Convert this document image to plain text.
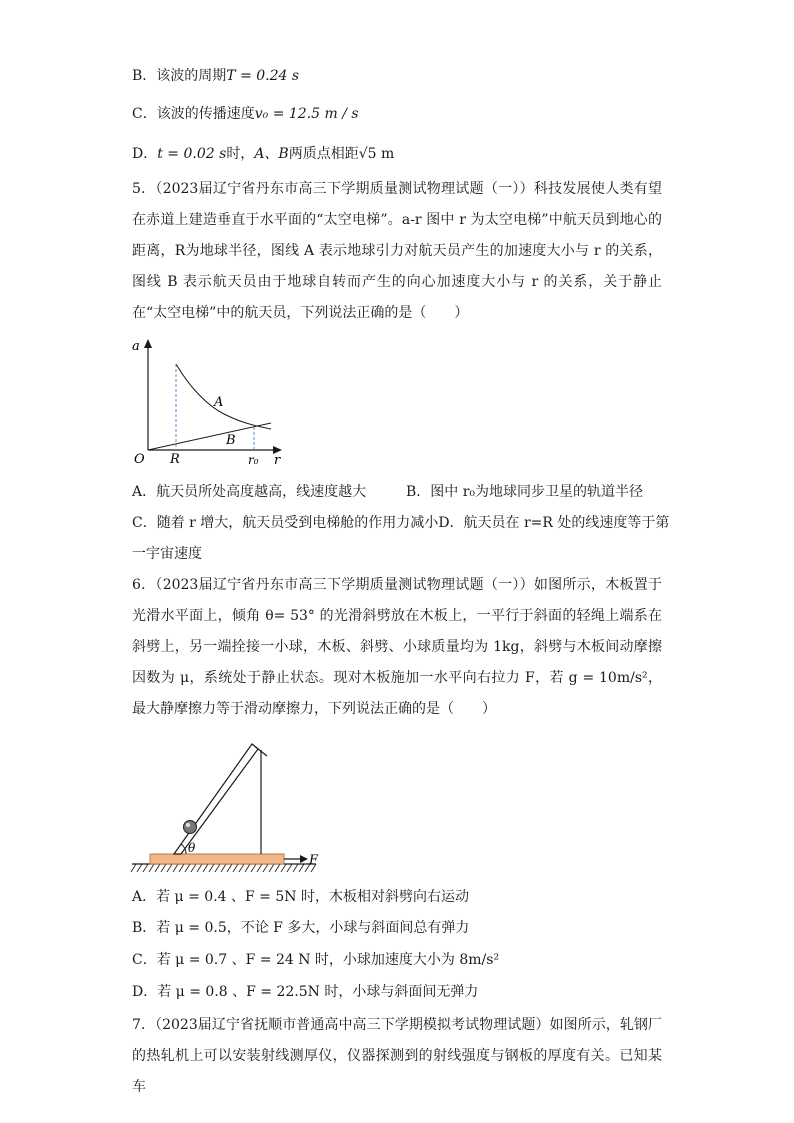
B．该波的周期T = 0.24 s
C．该波的传播速度v₀ = 12.5 m / s
D．t = 0.02 s时，A、B两质点相距√5 m
5．（2023届辽宁省丹东市高三下学期质量测试物理试题（一））科技发展使人类有望在赤道上建造垂直于水平面的“太空电梯”。a-r 图中 r 为太空电梯”中航天员到地心的距离，R为地球半径，图线 A 表示地球引力对航天员产生的加速度大小与 r 的关系，图线 B 表示航天员由于地球自转而产生的向心加速度大小与 r 的关系，关于静止在“太空电梯”中的航天员，下列说法正确的是（　　）
a
r
O R	r₀
A
B
A．航天员所处高度越高，线速度越大	B．图中 r₀为地球同步卫星的轨道半径
C．随着 r 增大，航天员受到电梯舱的作用力减小D．航天员在 r=R 处的线速度等于第
一宇宙速度
6．（2023届辽宁省丹东市高三下学期质量测试物理试题（一））如图所示，木板置于光滑水平面上，倾角 θ= 53° 的光滑斜劈放在木板上，一平行于斜面的轻绳上端系在斜劈上，另一端拴接一小球，木板、斜劈、小球质量均为 1kg，斜劈与木板间动摩擦因数为 μ，系统处于静止状态。现对木板施加一水平向右拉力 F，若 g = 10m/s²，最大静摩擦力等于滑动摩擦力，下列说法正确的是（　　）
θ
F
A．若 μ = 0.4 、F = 5N 时，木板相对斜劈向右运动
B．若 μ = 0.5，不论 F 多大，小球与斜面间总有弹力
C．若 μ = 0.7 、F = 24 N 时，小球加速度大小为 8m/s²
D．若 μ = 0.8 、F = 22.5N 时，小球与斜面间无弹力
7．（2023届辽宁省抚顺市普通高中高三下学期模拟考试物理试题）如图所示，轧钢厂的热轧机上可以安装射线测厚仪，仪器探测到的射线强度与钢板的厚度有关。已知某车
